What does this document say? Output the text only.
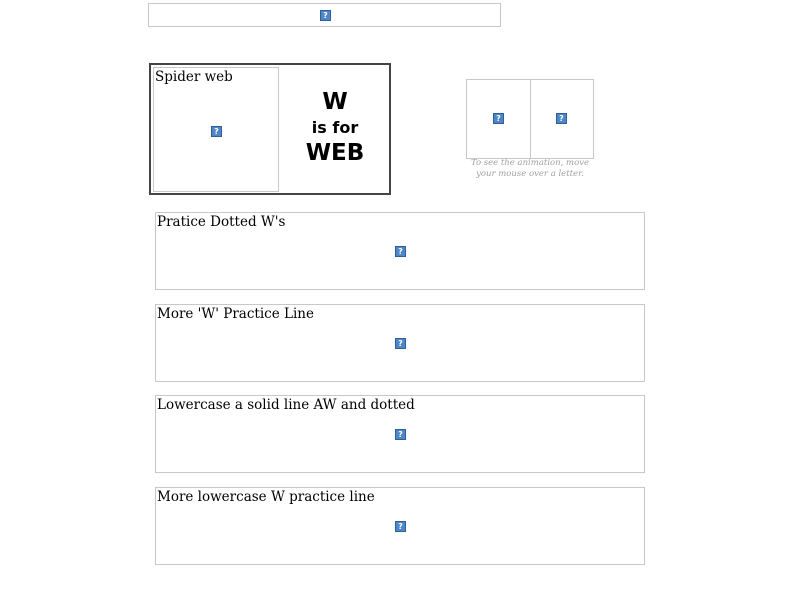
?
Spider web
?
W
is for
WEB
?
?	To see the animation, move
your mouse over a letter.
Pratice Dotted W's
?
More 'W' Practice Line
?
Lowercase a solid line AW and dotted
?
More lowercase W practice line
?
